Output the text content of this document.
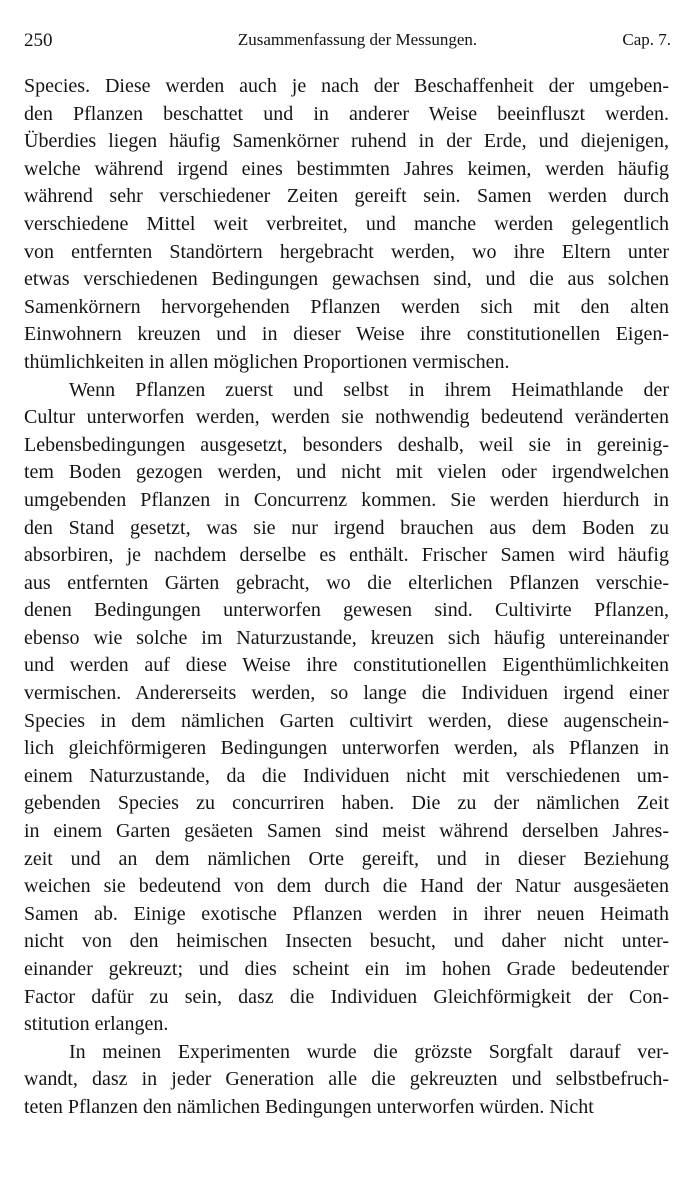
250	Zusammenfassung der Messungen.	Cap. 7.
Species. Diese werden auch je nach der Beschaffenheit der umgeben-
den Pflanzen beschattet und in anderer Weise beeinfluszt werden.
Überdies liegen häufig Samenkörner ruhend in der Erde, und diejenigen,
welche während irgend eines bestimmten Jahres keimen, werden häufig
während sehr verschiedener Zeiten gereift sein. Samen werden durch
verschiedene Mittel weit verbreitet, und manche werden gelegentlich
von entfernten Standörtern hergebracht werden, wo ihre Eltern unter
etwas verschiedenen Bedingungen gewachsen sind, und die aus solchen
Samenkörnern hervorgehenden Pflanzen werden sich mit den alten
Einwohnern kreuzen und in dieser Weise ihre constitutionellen Eigen-
thümlichkeiten in allen möglichen Proportionen vermischen.
Wenn Pflanzen zuerst und selbst in ihrem Heimathlande der
Cultur unterworfen werden, werden sie nothwendig bedeutend veränderten
Lebensbedingungen ausgesetzt, besonders deshalb, weil sie in gereinig-
tem Boden gezogen werden, und nicht mit vielen oder irgendwelchen
umgebenden Pflanzen in Concurrenz kommen. Sie werden hierdurch in
den Stand gesetzt, was sie nur irgend brauchen aus dem Boden zu
absorbiren, je nachdem derselbe es enthält. Frischer Samen wird häufig
aus entfernten Gärten gebracht, wo die elterlichen Pflanzen verschie-
denen Bedingungen unterworfen gewesen sind. Cultivirte Pflanzen,
ebenso wie solche im Naturzustande, kreuzen sich häufig untereinander
und werden auf diese Weise ihre constitutionellen Eigenthümlichkeiten
vermischen. Andererseits werden, so lange die Individuen irgend einer
Species in dem nämlichen Garten cultivirt werden, diese augenschein-
lich gleichförmigeren Bedingungen unterworfen werden, als Pflanzen in
einem Naturzustande, da die Individuen nicht mit verschiedenen um-
gebenden Species zu concurriren haben. Die zu der nämlichen Zeit
in einem Garten gesäeten Samen sind meist während derselben Jahres-
zeit und an dem nämlichen Orte gereift, und in dieser Beziehung
weichen sie bedeutend von dem durch die Hand der Natur ausgesäeten
Samen ab. Einige exotische Pflanzen werden in ihrer neuen Heimath
nicht von den heimischen Insecten besucht, und daher nicht unter-
einander gekreuzt; und dies scheint ein im hohen Grade bedeutender
Factor dafür zu sein, dasz die Individuen Gleichförmigkeit der Con-
stitution erlangen.
In meinen Experimenten wurde die grözste Sorgfalt darauf ver-
wandt, dasz in jeder Generation alle die gekreuzten und selbstbefruch-
teten Pflanzen den nämlichen Bedingungen unterworfen würden. Nicht
